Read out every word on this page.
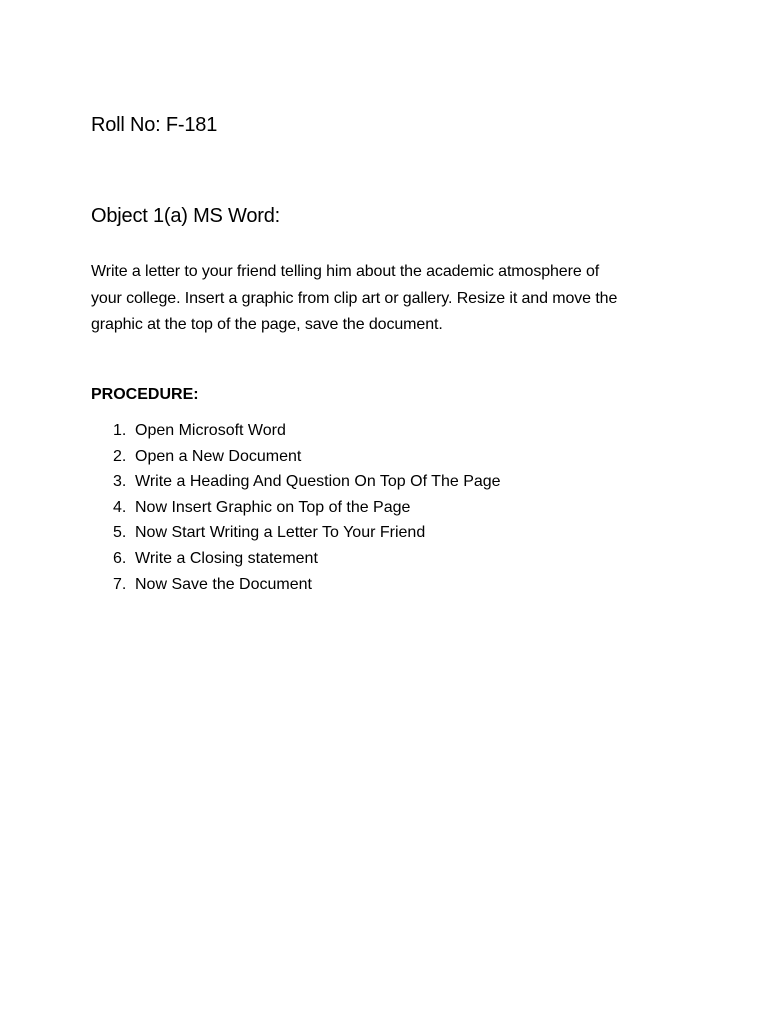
Roll No: F-181
Object 1(a) MS Word:
Write a letter to your friend telling him about the academic atmosphere of
your college. Insert a graphic from clip art or gallery. Resize it and move the
graphic at the top of the page, save the document.
PROCEDURE:
1. Open Microsoft Word
2. Open a New Document
3. Write a Heading And Question On Top Of The Page
4. Now Insert Graphic on Top of the Page
5. Now Start Writing a Letter To Your Friend
6. Write a Closing statement
7. Now Save the Document
